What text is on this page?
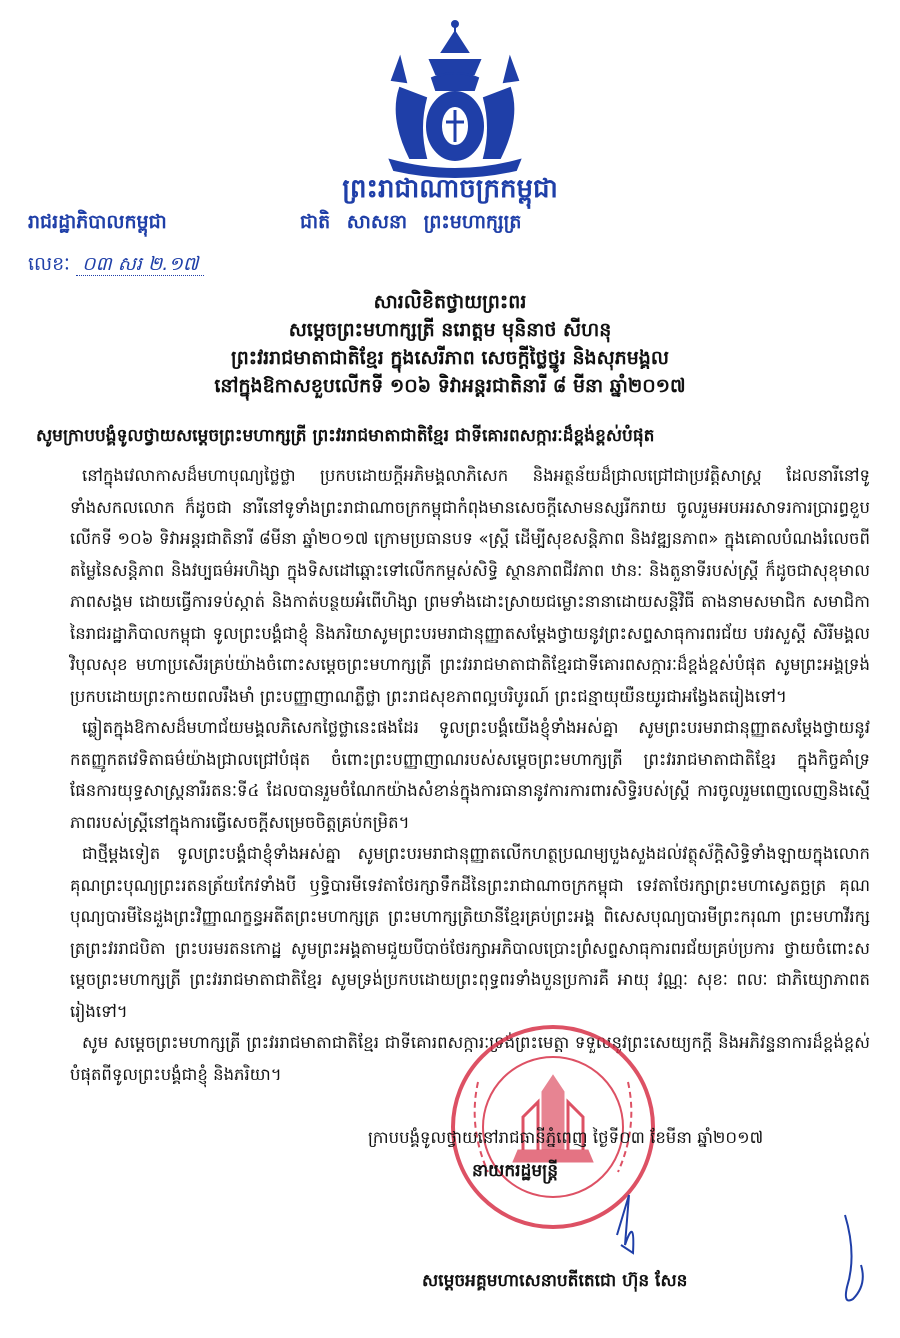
ព្រះរាជាណាចក្រកម្ពុជា
រាជរដ្ឋាភិបាលកម្ពុជា	ជាតិ សាសនា ព្រះមហាក្សត្រ
លេខៈ ០៣ សរ ២.១៧
សារលិខិតថ្វាយព្រះពរ
សម្តេចព្រះមហាក្សត្រី នរោត្តម មុនិនាថ សីហនុ
ព្រះវររាជមាតាជាតិខ្មែរ ក្នុងសេរីភាព សេចក្តីថ្លៃថ្នូរ និងសុភមង្គល
នៅក្នុងឱកាសខួបលើកទី ១០៦ ទិវាអន្តរជាតិនារី ៨ មីនា ឆ្នាំ២០១៧
សូមក្រាបបង្គំទូលថ្វាយសម្តេចព្រះមហាក្សត្រី ព្រះវររាជមាតាជាតិខ្មែរ ជាទីគោរពសក្ការៈដ៏ខ្ពង់ខ្ពស់បំផុត

នៅក្នុងវេលាកាសដ៏មហាបុណ្យថ្លៃថ្លា ប្រកបដោយក្តីអភិមង្គលាភិសេក និងអត្ថន័យដ៏ជ្រាលជ្រៅជាប្រវត្តិសាស្ត្រ ដែលនារីនៅទូទាំងសកលលោក ក៏ដូចជា នារីនៅទូទាំងព្រះរាជាណាចក្រកម្ពុជាកំពុងមានសេចក្តីសោមនស្សរីករាយ ចូលរួមអបអរសាទរការប្រារព្ធខួបលើកទី ១០៦ ទិវាអន្តរជាតិនារី ៨មីនា ឆ្នាំ២០១៧ ក្រោមប្រធានបទ «ស្ត្រី ដើម្បីសុខសន្តិភាព និងវឌ្ឍនភាព» ក្នុងគោលបំណងរំលេចពីតម្លៃនៃសន្តិភាព និងវប្បធម៌អហិង្សា ក្នុងទិសដៅឆ្ពោះទៅលើកកម្ពស់សិទ្ធិ ស្ថានភាពជីវភាព ឋានៈ និងតួនាទីរបស់ស្ត្រី ក៏ដូចជាសុខុមាលភាពសង្គម ដោយធ្វើការទប់ស្កាត់ និងកាត់បន្ថយអំពើហិង្សា ព្រមទាំងដោះស្រាយជម្លោះនានាដោយសន្តិវិធី តាងនាមសមាជិក សមាជិកានៃរាជរដ្ឋាភិបាលកម្ពុជា ទូលព្រះបង្គំជាខ្ញុំ និងភរិយាសូមព្រះបរមរាជានុញ្ញាតសម្តែងថ្វាយនូវព្រះសព្ទសាធុការពរជ័យ បវរសួស្តី សិរីមង្គល វិបុលសុខ មហាប្រសើរគ្រប់យ៉ាងចំពោះសម្តេចព្រះមហាក្សត្រី ព្រះវររាជមាតាជាតិខ្មែរជាទីគោរពសក្ការៈដ៏ខ្ពង់ខ្ពស់បំផុត សូមព្រះអង្គទ្រង់ប្រកបដោយព្រះកាយពលរឹងមាំ ព្រះបញ្ញាញាណភ្លឺថ្លា ព្រះរាជសុខភាពល្អបរិបូរណ៍ ព្រះជន្មាយុយឺនយូរជាអង្វែងតរៀងទៅ។

ឆ្លៀតក្នុងឱកាសដ៏មហាជ័យមង្គលភិសេកថ្លៃថ្លានេះផងដែរ ទូលព្រះបង្គំយើងខ្ញុំទាំងអស់គ្នា សូមព្រះបរមរាជានុញ្ញាតសម្តែងថ្វាយនូវកតញ្ញូកតវេទិតាធម៌យ៉ាងជ្រាលជ្រៅបំផុត ចំពោះព្រះបញ្ញាញាណរបស់សម្តេចព្រះមហាក្សត្រី ព្រះវររាជមាតាជាតិខ្មែរ ក្នុងកិច្ចគាំទ្រផែនការយុទ្ធសាស្ត្រនារីរតនៈទី៤ ដែលបានរួមចំណែកយ៉ាងសំខាន់ក្នុងការធានានូវការការពារសិទ្ធិរបស់ស្ត្រី ការចូលរួមពេញលេញនិងស្មើភាពរបស់ស្ត្រីនៅក្នុងការធ្វើសេចក្តីសម្រេចចិត្តគ្រប់កម្រិត។

ជាថ្មីម្តងទៀត ទូលព្រះបង្គំជាខ្ញុំទាំងអស់គ្នា សូមព្រះបរមរាជានុញ្ញាតលើកហត្ថប្រណម្យបួងសួងដល់វត្ថុស័ក្តិសិទ្ធិទាំងឡាយក្នុងលោក គុណព្រះបុណ្យព្រះរតនត្រ័យកែវទាំងបី ឫទ្ធិបារមីទេវតាថែរក្សាទឹកដីនៃព្រះរាជាណាចក្រកម្ពុជា ទេវតាថែរក្សាព្រះមហាស្វេតច្ឆត្រ គុណបុណ្យបារមីនៃដួងព្រះវិញ្ញាណក្ខន្ធអតីតព្រះមហាក្សត្រ ព្រះមហាក្សត្រិយានីខ្មែរគ្រប់ព្រះអង្គ ពិសេសបុណ្យបារមីព្រះករុណា ព្រះមហាវីរក្សត្រព្រះវររាជបិតា ព្រះបរមរតនកោដ្ឋ សូមព្រះអង្គតាមជួយបីបាច់ថែរក្សាអភិបាលប្រោះព្រំសព្ទសាធុការពរជ័យគ្រប់ប្រការ ថ្វាយចំពោះសម្តេចព្រះមហាក្សត្រី ព្រះវររាជមាតាជាតិខ្មែរ សូមទ្រង់ប្រកបដោយព្រះពុទ្ធពរទាំងបួនប្រការគឺ អាយុ វណ្ណៈ សុខៈ ពលៈ ជាភិយ្យោភាពតរៀងទៅ។

សូម សម្តេចព្រះមហាក្សត្រី ព្រះវររាជមាតាជាតិខ្មែរ ជាទីគោរពសក្ការៈទ្រង់ព្រះមេត្តា ទទួលនូវព្រះសេយ្យកក្តី និងអភិវន្ទនាការដ៏ខ្ពង់ខ្ពស់បំផុតពីទូលព្រះបង្គំជាខ្ញុំ និងភរិយា។

ក្រាបបង្គំទូលថ្វាយនៅរាជធានីភ្នំពេញ ថ្ងៃទី០៣ ខែមីនា ឆ្នាំ២០១៧
នាយករដ្ឋមន្ត្រី
សម្តេចអគ្គមហាសេនាបតីតេជោ ហ៊ុន សែន
